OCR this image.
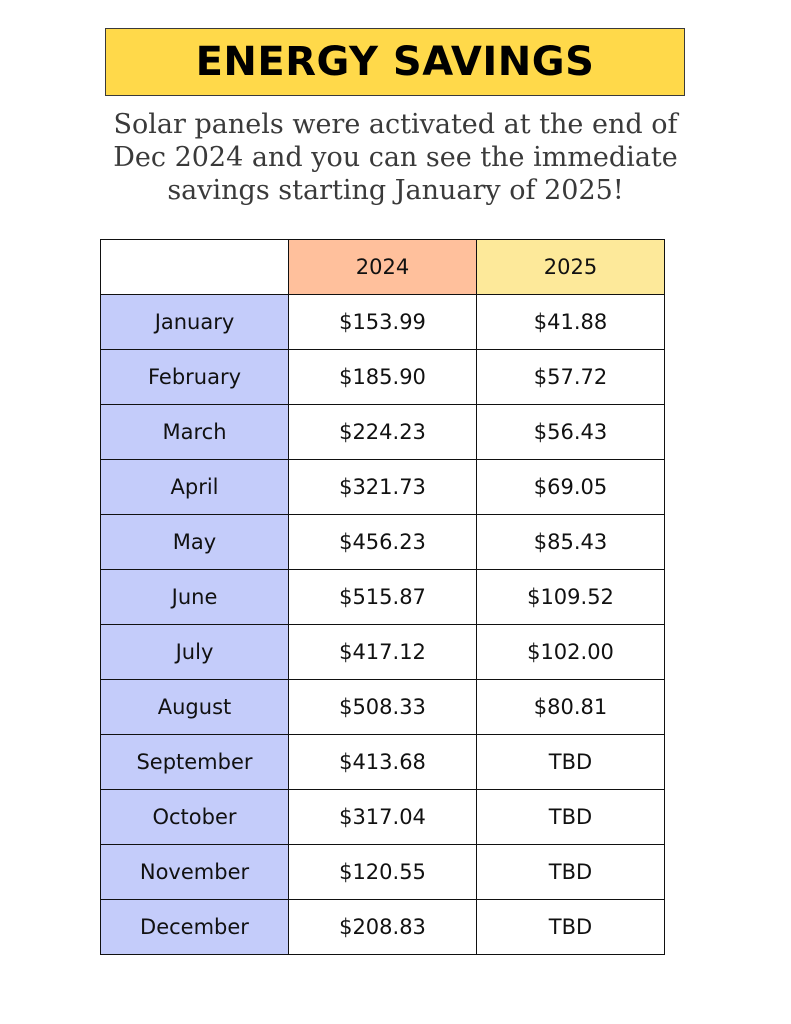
ENERGY SAVINGS

Solar panels were activated at the end of
Dec 2024 and you can see the immediate
savings starting January of 2025!

	2024	2025
January	$153.99	$41.88
February	$185.90	$57.72
March	$224.23	$56.43
April	$321.73	$69.05
May	$456.23	$85.43
June	$515.87	$109.52
July	$417.12	$102.00
August	$508.33	$80.81
September	$413.68	TBD
October	$317.04	TBD
November	$120.55	TBD
December	$208.83	TBD
